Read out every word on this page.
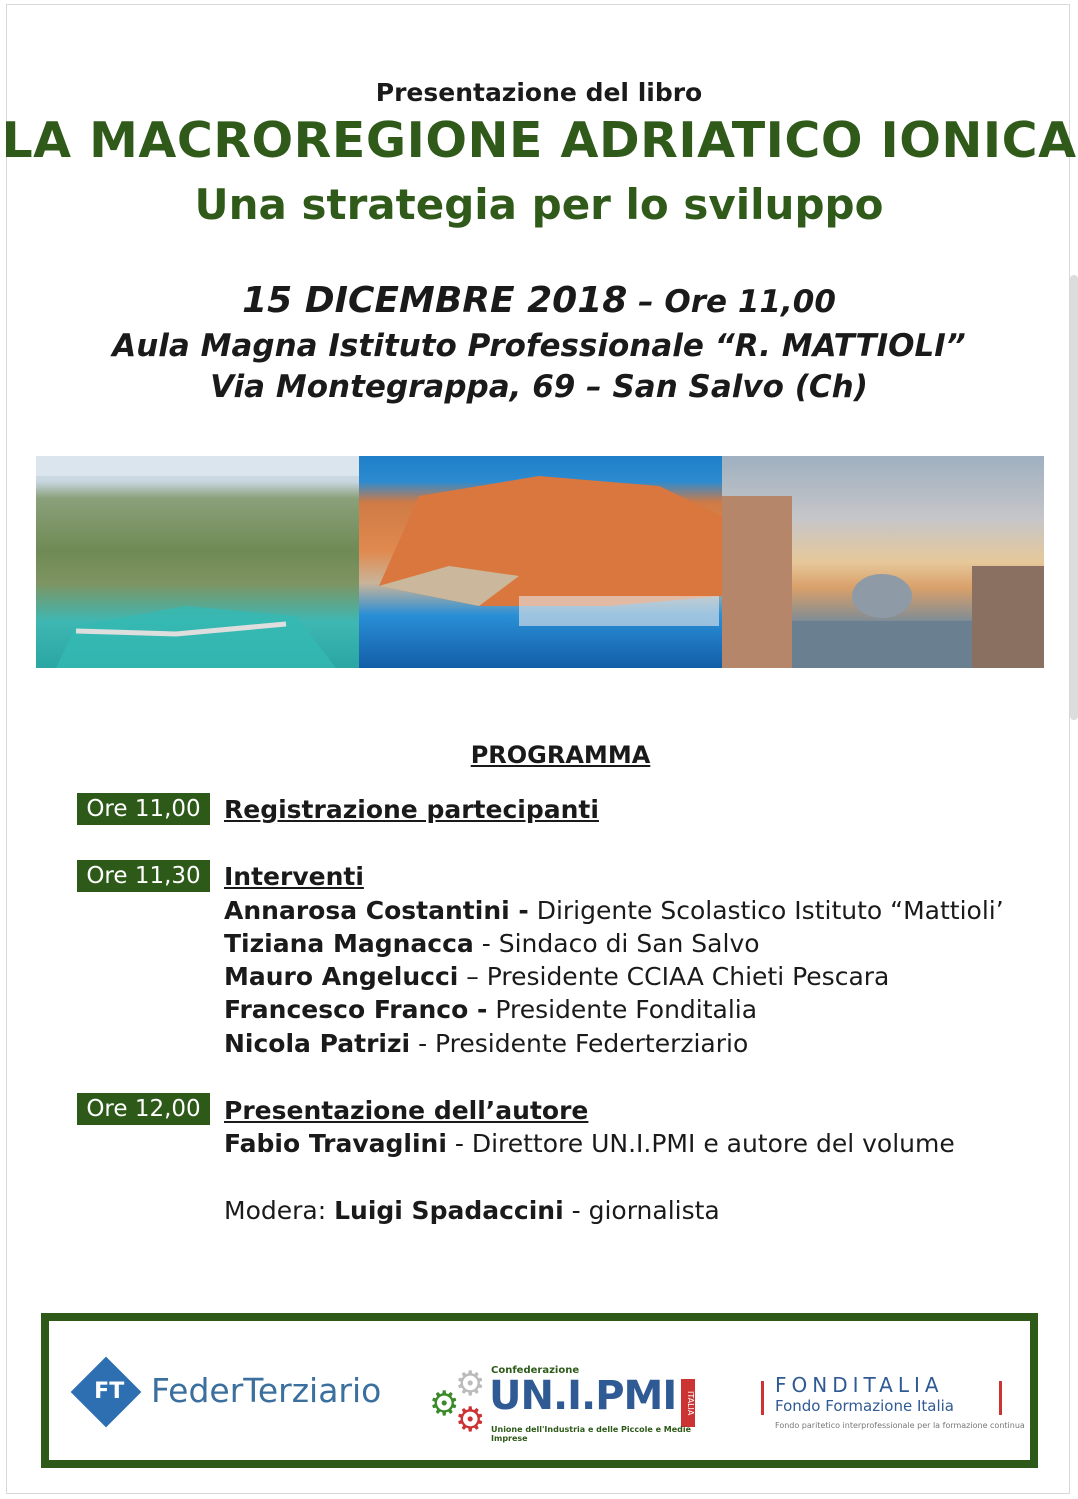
Presentazione del libro
LA MACROREGIONE ADRIATICO IONICA
Una strategia per lo sviluppo
15 DICEMBRE 2018 – Ore 11,00
Aula Magna Istituto Professionale “R. MATTIOLI”
Via Montegrappa, 69 – San Salvo (Ch)
PROGRAMMA
Ore 11,00 Registrazione partecipanti
Ore 11,30 Interventi
Annarosa Costantini - Dirigente Scolastico Istituto “Mattioli’
Tiziana Magnacca - Sindaco di San Salvo
Mauro Angelucci – Presidente CCIAA Chieti Pescara
Francesco Franco - Presidente Fonditalia
Nicola Patrizi - Presidente Federterziario
Ore 12,00 Presentazione dell’autore
Fabio Travaglini - Direttore UN.I.PMI e autore del volume
Modera: Luigi Spadaccini - giornalista
FT FederTerziario ⚙
⚙
⚙
Confederazione
UN.I.PMI	ITALIA
Unione dell'Industria e delle Piccole e Medie Imprese
FONDITALIA
Fondo Formazione Italia
Fondo paritetico interprofessionale per la formazione continua
